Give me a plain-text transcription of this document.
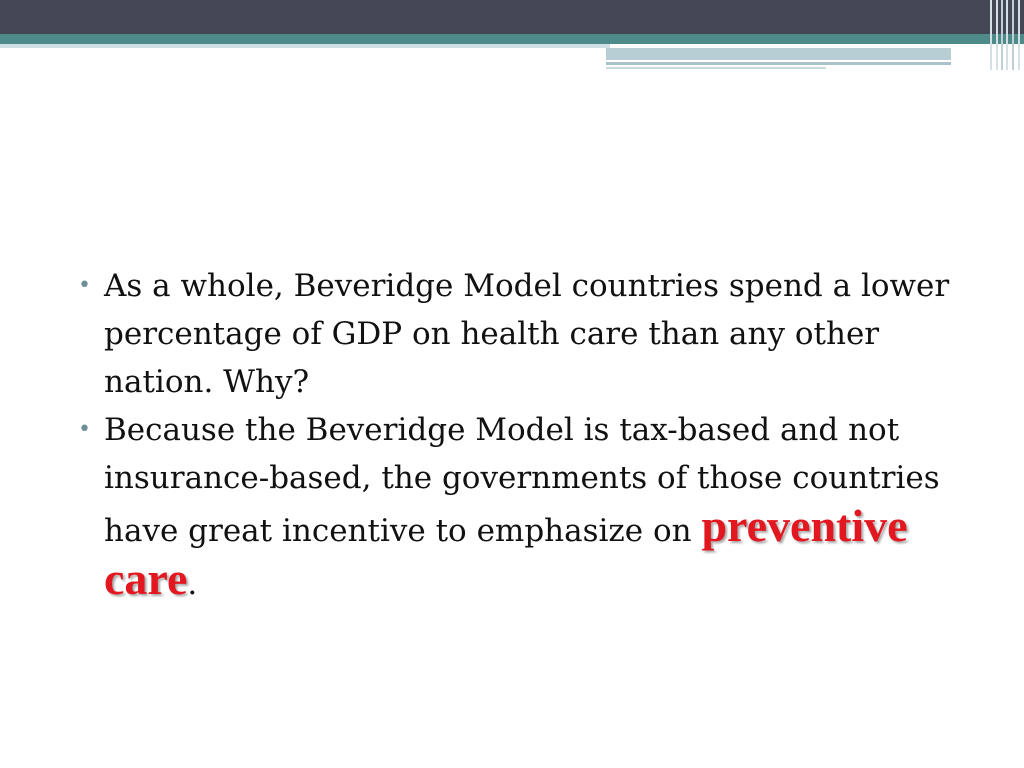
• As a whole, Beveridge Model countries spend a lower percentage of GDP on health care than any other nation. Why?
• Because the Beveridge Model is tax-based and not insurance-based, the governments of those countries have great incentive to emphasize on preventive care.
